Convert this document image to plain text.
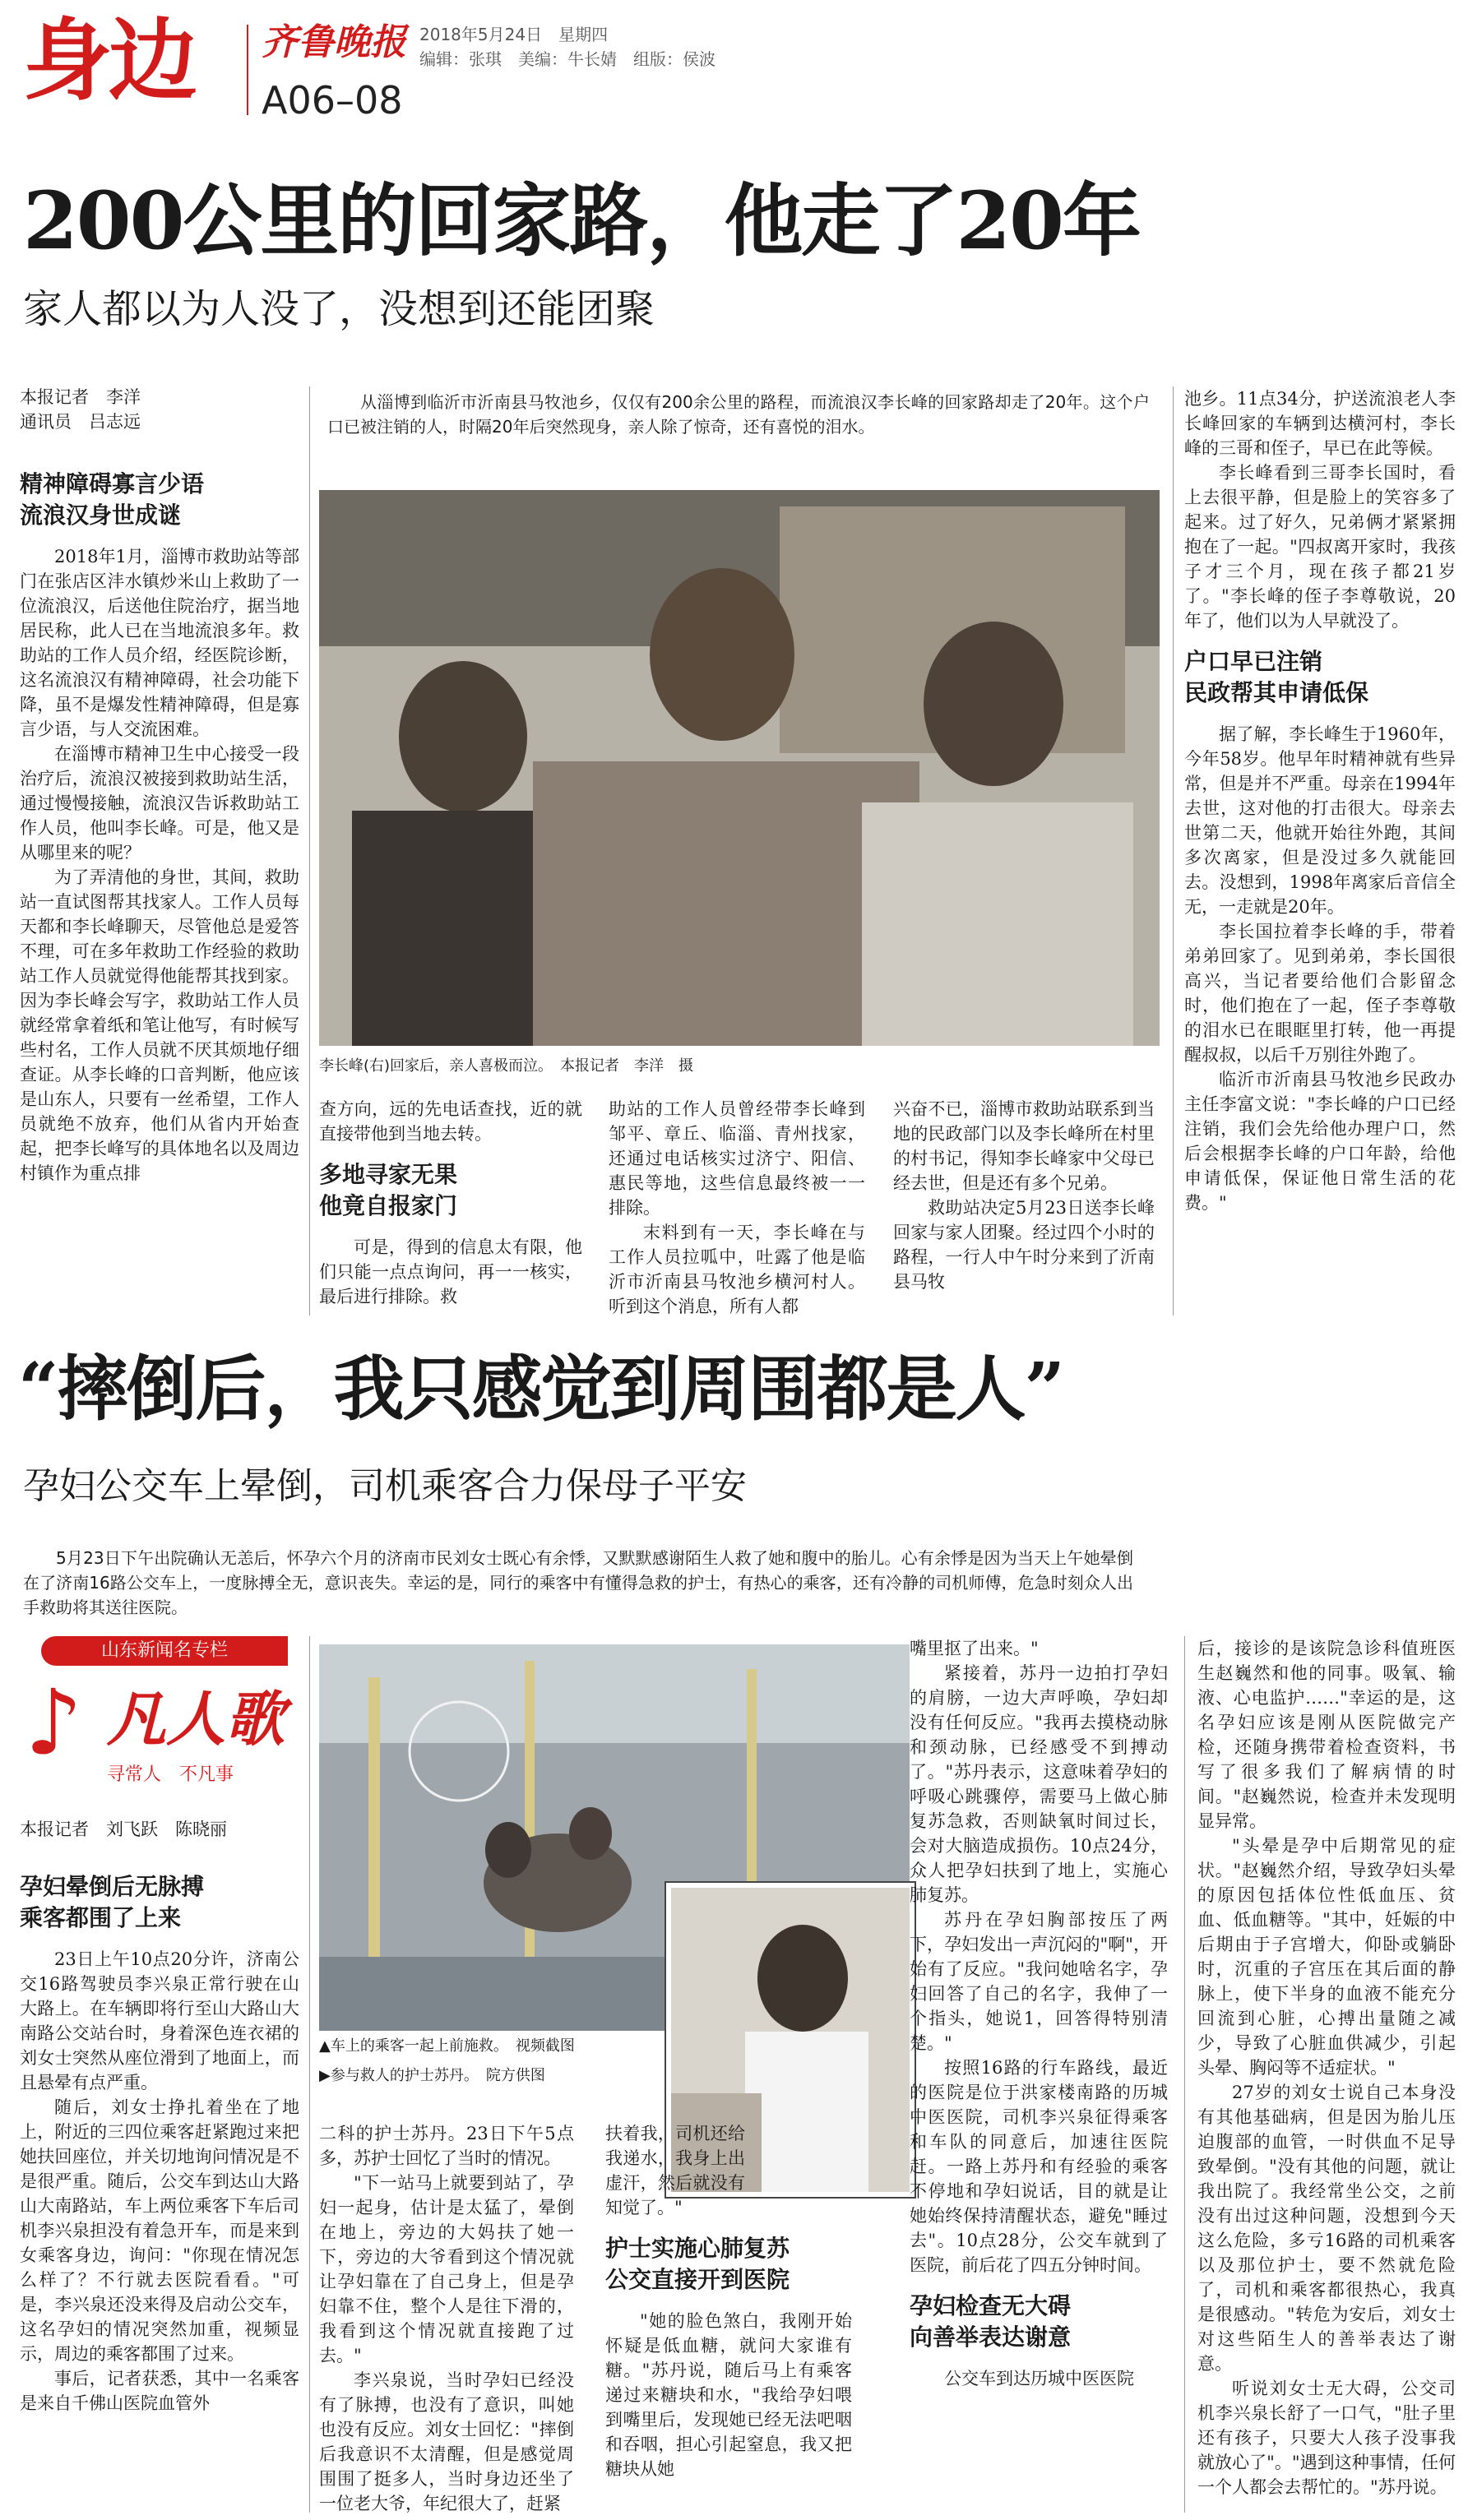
身边 齐鲁晚报 2018年5月24日　星期四
编辑：张琪　美编：牛长婧　组版：侯波
A06–08
200公里的回家路，他走了20年
家人都以为人没了，没想到还能团聚
本报记者　李洋
通讯员　吕志远
从淄博到临沂市沂南县马牧池乡，仅仅有200余公里的路程，而流浪汉李长峰的回家路却走了20年。这个户口已被注销的人，时隔20年后突然现身，亲人除了惊奇，还有喜悦的泪水。
精神障碍寡言少语
流浪汉身世成谜

2018年1月，淄博市救助站等部门在张店区沣水镇炒米山上救助了一位流浪汉，后送他住院治疗，据当地居民称，此人已在当地流浪多年。救助站的工作人员介绍，经医院诊断，这名流浪汉有精神障碍，社会功能下降，虽不是爆发性精神障碍，但是寡言少语，与人交流困难。

在淄博市精神卫生中心接受一段治疗后，流浪汉被接到救助站生活，通过慢慢接触，流浪汉告诉救助站工作人员，他叫李长峰。可是，他又是从哪里来的呢？

为了弄清他的身世，其间，救助站一直试图帮其找家人。工作人员每天都和李长峰聊天，尽管他总是爱答不理，可在多年救助工作经验的救助站工作人员就觉得他能帮其找到家。因为李长峰会写字，救助站工作人员就经常拿着纸和笔让他写，有时候写些村名，工作人员就不厌其烦地仔细查证。从李长峰的口音判断，他应该是山东人，只要有一丝希望，工作人员就绝不放弃，他们从省内开始查起，把李长峰写的具体地名以及周边村镇作为重点排

李长峰(右)回家后，亲人喜极而泣。　本报记者　李洋　摄

查方向，远的先电话查找，近的就直接带他到当地去转。

多地寻家无果
他竟自报家门

可是，得到的信息太有限，他们只能一点点询问，再一一核实，最后进行排除。救

助站的工作人员曾经带李长峰到邹平、章丘、临淄、青州找家，还通过电话核实过济宁、阳信、惠民等地，这些信息最终被一一排除。

末料到有一天，李长峰在与工作人员拉呱中，吐露了他是临沂市沂南县马牧池乡横河村人。听到这个消息，所有人都

兴奋不已，淄博市救助站联系到当地的民政部门以及李长峰所在村里的村书记，得知李长峰家中父母已经去世，但是还有多个兄弟。

救助站决定5月23日送李长峰回家与家人团聚。经过四个小时的路程，一行人中午时分来到了沂南县马牧

池乡。11点34分，护送流浪老人李长峰回家的车辆到达横河村，李长峰的三哥和侄子，早已在此等候。

李长峰看到三哥李长国时，看上去很平静，但是脸上的笑容多了起来。过了好久，兄弟俩才紧紧拥抱在了一起。"四叔离开家时，我孩子才三个月，现在孩子都21岁了。"李长峰的侄子李尊敬说，20年了，他们以为人早就没了。

户口早已注销
民政帮其申请低保

据了解，李长峰生于1960年，今年58岁。他早年时精神就有些异常，但是并不严重。母亲在1994年去世，这对他的打击很大。母亲去世第二天，他就开始往外跑，其间多次离家，但是没过多久就能回去。没想到，1998年离家后音信全无，一走就是20年。

李长国拉着李长峰的手，带着弟弟回家了。见到弟弟，李长国很高兴，当记者要给他们合影留念时，他们抱在了一起，侄子李尊敬的泪水已在眼眶里打转，他一再提醒叔叔，以后千万别往外跑了。

临沂市沂南县马牧池乡民政办主任李富文说："李长峰的户口已经注销，我们会先给他办理户口，然后会根据李长峰的户口年龄，给他申请低保，保证他日常生活的花费。"

“摔倒后，我只感觉到周围都是人”
孕妇公交车上晕倒，司机乘客合力保母子平安
5月23日下午出院确认无恙后，怀孕六个月的济南市民刘女士既心有余悸，又默默感谢陌生人救了她和腹中的胎儿。心有余悸是因为当天上午她晕倒在了济南16路公交车上，一度脉搏全无，意识丧失。幸运的是，同行的乘客中有懂得急救的护士，有热心的乘客，还有冷静的司机师傅，危急时刻众人出手救助将其送往医院。
山东新闻名专栏
♪ 凡人歌
寻常人　不凡事
本报记者　刘飞跃　陈晓丽
孕妇晕倒后无脉搏
乘客都围了上来

23日上午10点20分许，济南公交16路驾驶员李兴泉正常行驶在山大路上。在车辆即将行至山大路山大南路公交站台时，身着深色连衣裙的刘女士突然从座位滑到了地面上，而且悬晕有点严重。

随后，刘女士挣扎着坐在了地上，附近的三四位乘客赶紧跑过来把她扶回座位，并关切地询问情况是不是很严重。随后，公交车到达山大路山大南路站，车上两位乘客下车后司机李兴泉担没有着急开车，而是来到女乘客身边，询问："你现在情况怎么样了？不行就去医院看看。"可是，李兴泉还没来得及启动公交车，这名孕妇的情况突然加重，视频显示，周边的乘客都围了过来。

事后，记者获悉，其中一名乘客是来自千佛山医院血管外

▲车上的乘客一起上前施救。　视频截图
▶参与救人的护士苏丹。　院方供图

二科的护士苏丹。23日下午5点多，苏护士回忆了当时的情况。

"下一站马上就要到站了，孕妇一起身，估计是太猛了，晕倒在地上，旁边的大妈扶了她一下，旁边的大爷看到这个情况就让孕妇靠在了自己身上，但是孕妇靠不住，整个人是往下滑的，我看到这个情况就直接跑了过去。"

李兴泉说，当时孕妇已经没有了脉搏，也没有了意识，叫她也没有反应。刘女士回忆："摔倒后我意识不太清醒，但是感觉周围围了挺多人，当时身边还坐了一位老大爷，年纪很大了，赶紧

扶着我，司机还给我递水，我身上出虚汗，然后就没有知觉了。"

护士实施心肺复苏
公交直接开到医院

"她的脸色煞白，我刚开始怀疑是低血糖，就问大家谁有糖。"苏丹说，随后马上有乘客递过来糖块和水，"我给孕妇喂到嘴里后，发现她已经无法吧咽和吞咽，担心引起窒息，我又把糖块从她

嘴里抠了出来。"

紧接着，苏丹一边拍打孕妇的肩膀，一边大声呼唤，孕妇却没有任何反应。"我再去摸桡动脉和颈动脉，已经感受不到搏动了。"苏丹表示，这意味着孕妇的呼吸心跳骤停，需要马上做心肺复苏急救，否则缺氧时间过长，会对大脑造成损伤。10点24分，众人把孕妇扶到了地上，实施心肺复苏。

苏丹在孕妇胸部按压了两下，孕妇发出一声沉闷的"啊"，开始有了反应。"我问她啥名字，孕妇回答了自己的名字，我伸了一个指头，她说1，回答得特别清楚。"

按照16路的行车路线，最近的医院是位于洪家楼南路的历城中医医院，司机李兴泉征得乘客和车队的同意后，加速往医院赶。一路上苏丹和有经验的乘客不停地和孕妇说话，目的就是让她始终保持清醒状态，避免"睡过去"。10点28分，公交车就到了医院，前后花了四五分钟时间。

孕妇检查无大碍
向善举表达谢意

公交车到达历城中医医院

后，接诊的是该院急诊科值班医生赵巍然和他的同事。吸氧、输液、心电监护……"幸运的是，这名孕妇应该是刚从医院做完产检，还随身携带着检查资料，书写了很多我们了解病情的时间。"赵巍然说，检查并未发现明显异常。

"头晕是孕中后期常见的症状。"赵巍然介绍，导致孕妇头晕的原因包括体位性低血压、贫血、低血糖等。"其中，妊娠的中后期由于子宫增大，仰卧或躺卧时，沉重的子宫压在其后面的静脉上，使下半身的血液不能充分回流到心脏，心搏出量随之减少，导致了心脏血供减少，引起头晕、胸闷等不适症状。"

27岁的刘女士说自己本身没有其他基础病，但是因为胎儿压迫腹部的血管，一时供血不足导致晕倒。"没有其他的问题，就让我出院了。我经常坐公交，之前没有出过这种问题，没想到今天这么危险，多亏16路的司机乘客以及那位护士，要不然就危险了，司机和乘客都很热心，我真是很感动。"转危为安后，刘女士对这些陌生人的善举表达了谢意。

听说刘女士无大碍，公交司机李兴泉长舒了一口气，"肚子里还有孩子，只要大人孩子没事我就放心了"。"遇到这种事情，任何一个人都会去帮忙的。"苏丹说。
